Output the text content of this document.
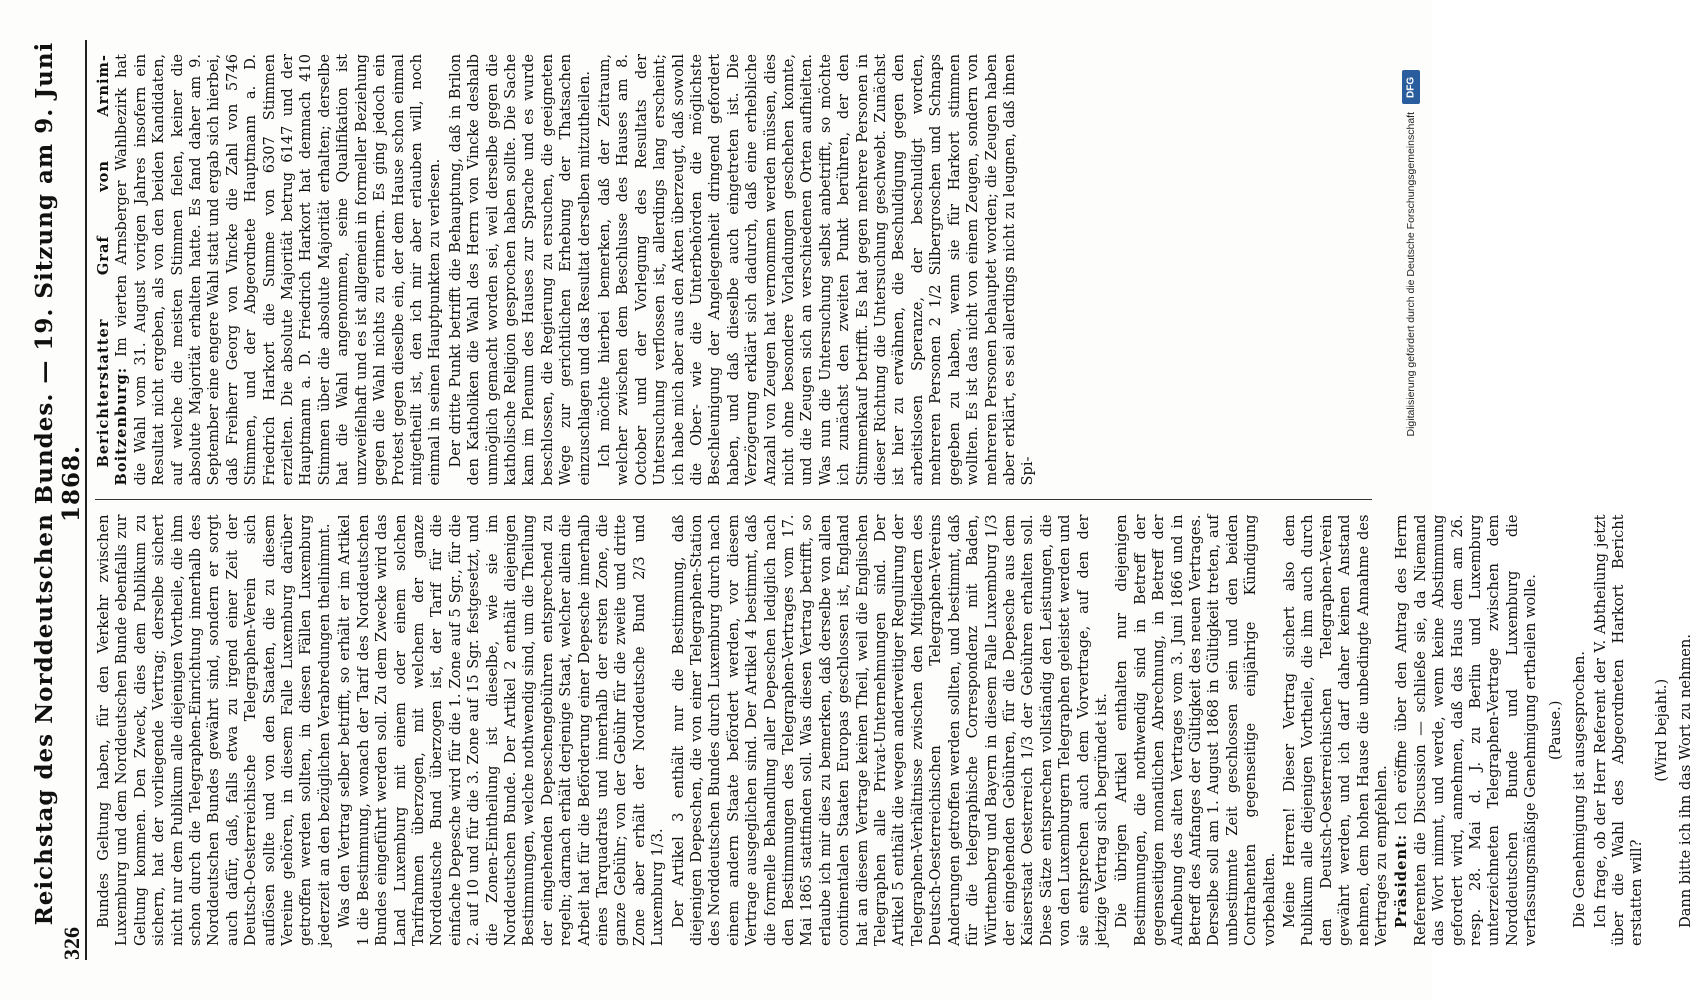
326
Reichstag des Norddeutschen Bundes. — 19. Sitzung am 9. Juni 1868.

Bundes Geltung haben, für den Verkehr zwischen Luxemburg und dem Norddeutschen Bunde ebenfalls zur Geltung kommen. Den Zweck, dies dem Publikum zu sichern, hat der vorliegende Vertrag; derselbe sichert nicht nur dem Publikum alle diejenigen Vortheile, die ihm schon durch die Telegraphen-Einrichtung innerhalb des Norddeutschen Bundes gewährt sind, sondern er sorgt auch dafür, daß, falls etwa zu irgend einer Zeit der Deutsch-Oesterreichische Telegraphen-Verein sich auflösen sollte und von den Staaten, die zu diesem Vereine gehören, in diesem Falle Luxemburg darüber getroffen werden sollten, in diesen Fällen Luxemburg jederzeit an den bezüglichen Verabredungen theilnimmt. Was den Vertrag selber betrifft, so erhält er im Artikel 1 die Bestimmung, wonach der Tarif des Norddeutschen Bundes eingeführt werden soll. Zu dem Zwecke wird das Land Luxemburg mit einem oder einem solchen Tarifrahmen überzogen, mit welchem der ganze Norddeutsche Bund überzogen ist, der Tarif für die einfache Depesche wird für die 1. Zone auf 5 Sgr., für die 2. auf 10 und für die 3. Zone auf 15 Sgr. festgesetzt, und die Zonen-Eintheilung ist dieselbe, wie sie im Norddeutschen Bunde. Der Artikel 2 enthält diejenigen Bestimmungen, welche nothwendig sind, um die Theilung der eingehenden Depeschengebühren entsprechend zu regeln; darnach erhält derjenige Staat, welcher allein die Arbeit hat für die Beförderung einer Depesche innerhalb eines Tarquadrats und innerhalb der ersten Zone, die ganze Gebühr; von der Gebühr für die zweite und dritte Zone aber erhält der Norddeutsche Bund 2/3 und Luxemburg 1/3. Der Artikel 3 enthält nur die Bestimmung, daß diejenigen Depeschen, die von einer Telegraphen-Station des Norddeutschen Bundes durch Luxemburg durch nach einem andern Staate befördert werden, vor diesem Vertrage ausgeglichen sind. Der Artikel 4 bestimmt, daß die formelle Behandlung aller Depeschen lediglich nach den Bestimmungen des Telegraphen-Vertrages vom 17. Mai 1865 stattfinden soll. Was diesen Vertrag betrifft, so erlaube ich mir dies zu bemerken, daß derselbe von allen continentalen Staaten Europas geschlossen ist, England hat an diesem Vertrage keinen Theil, weil die Englischen Telegraphen alle Privat-Unternehmungen sind. Der Artikel 5 enthält die wegen anderweitiger Regulirung der Telegraphen-Verhältnisse zwischen den Mitgliedern des Deutsch-Oesterreichischen Telegraphen-Vereins Anderungen getroffen werden sollten, und bestimmt, daß für die telegraphische Correspondenz mit Baden, Württemberg und Bayern in diesem Falle Luxemburg 1/3 der eingehenden Gebühren, für die Depesche aus dem Kaiserstaat Oesterreich 1/3 der Gebühren erhalten soll. Diese Sätze entsprechen vollständig den Leistungen, die von den Luxemburgern Telegraphen geleistet werden und sie entsprechen auch dem Vorvertrage, auf den der jetzige Vertrag sich begründet ist. Die übrigen Artikel enthalten nur diejenigen Bestimmungen, die nothwendig sind in Betreff der gegenseitigen monatlichen Abrechnung, in Betreff der Aufhebung des alten Vertrages vom 3. Juni 1866 und in Betreff des Anfanges der Gültigkeit des neuen Vertrages. Derselbe soll am 1. August 1868 in Gültigkeit treten, auf unbestimmte Zeit geschlossen sein und den beiden Contrahenten gegenseitige einjährige Kündigung vorbehalten. Meine Herren! Dieser Vertrag sichert also dem Publikum alle diejenigen Vortheile, die ihm auch durch den Deutsch-Oesterreichischen Telegraphen-Verein gewährt werden, und ich darf daher keinen Anstand nehmen, dem hohen Hause die unbedingte Annahme des Vertrages zu empfehlen. Präsident: Ich eröffne über den Antrag des Herrn Referenten die Discussion — schließe sie, da Niemand das Wort nimmt, und werde, wenn keine Abstimmung gefordert wird, annehmen, daß das Haus dem am 26. resp. 28. Mai d. J. zu Berlin und Luxemburg unterzeichneten Telegraphen-Vertrage zwischen dem Norddeutschen Bunde und Luxemburg die verfassungsmäßige Genehmigung ertheilen wolle. (Pause.) Die Genehmigung ist ausgesprochen. Ich frage, ob der Herr Referent der V. Abtheilung jetzt über die Wahl des Abgeordneten Harkort Bericht erstatten will?

(Wird bejaht.) Dann bitte ich ihn das Wort zu nehmen.

Berichterstatter Graf von Arnim-Boitzenburg: Im vierten Arnsberger Wahlbezirk hat die Wahl vom 31. August vorigen Jahres insofern ein Resultat nicht ergeben, als von den beiden Kandidaten, auf welche die meisten Stimmen fielen, keiner die absolute Majorität erhalten hatte. Es fand daher am 9. September eine engere Wahl statt und ergab sich hierbei, daß Freiherr Georg von Vincke die Zahl von 5746 Stimmen, und der Abgeordnete Hauptmann a. D. Friedrich Harkort die Summe von 6307 Stimmen erzielten. Die absolute Majorität betrug 6147 und der Hauptmann a. D. Friedrich Harkort hat demnach 410 Stimmen über die absolute Majorität erhalten; derselbe hat die Wahl angenommen, seine Qualifikation ist unzweifelhaft und es ist allgemein in formeller Beziehung gegen die Wahl nichts zu erinnern. Es ging jedoch ein Protest gegen dieselbe ein, der dem Hause schon einmal mitgetheilt ist, den ich mir aber erlauben will, noch einmal in seinen Hauptpunkten zu verlesen. Der dritte Punkt betrifft die Behauptung, daß in Brilon den Katholiken die Wahl des Herrn von Vincke deshalb unmöglich gemacht worden sei, weil derselbe gegen die katholische Religion gesprochen haben sollte. Die Sache kam im Plenum des Hauses zur Sprache und es wurde beschlossen, die Regierung zu ersuchen, die geeigneten Wege zur gerichtlichen Erhebung der Thatsachen einzuschlagen und das Resultat derselben mitzutheilen. Ich möchte hierbei bemerken, daß der Zeitraum, welcher zwischen dem Beschlusse des Hauses am 8. October und der Vorlegung des Resultats der Untersuchung verflossen ist, allerdings lang erscheint; ich habe mich aber aus den Akten überzeugt, daß sowohl die Ober- wie die Unterbehörden die möglichste Beschleunigung der Angelegenheit dringend gefordert haben, und daß dieselbe auch eingetreten ist. Die Verzögerung erklärt sich dadurch, daß eine erhebliche Anzahl von Zeugen hat vernommen werden müssen, dies nicht ohne besondere Vorladungen geschehen konnte, und die Zeugen sich an verschiedenen Orten aufhielten. Was nun die Untersuchung selbst anbetrifft, so möchte ich zunächst den zweiten Punkt berühren, der den Stimmenkauf betrifft. Es hat gegen mehrere Personen in dieser Richtung die Untersuchung geschwebt. Zunächst ist hier zu erwähnen, die Beschuldigung gegen den arbeitslosen Speranze, der beschuldigt worden, mehreren Personen 2 1/2 Silbergroschen und Schnaps gegeben zu haben, wenn sie für Harkort stimmen wollten. Es ist das nicht von einem Zeugen, sondern von mehreren Personen behauptet worden; die Zeugen haben aber erklärt, es sei allerdings nicht zu leugnen, daß ihnen Spi-

DFG
Digitalisierung gefördert durch die Deutsche Forschungsgemeinschaft
